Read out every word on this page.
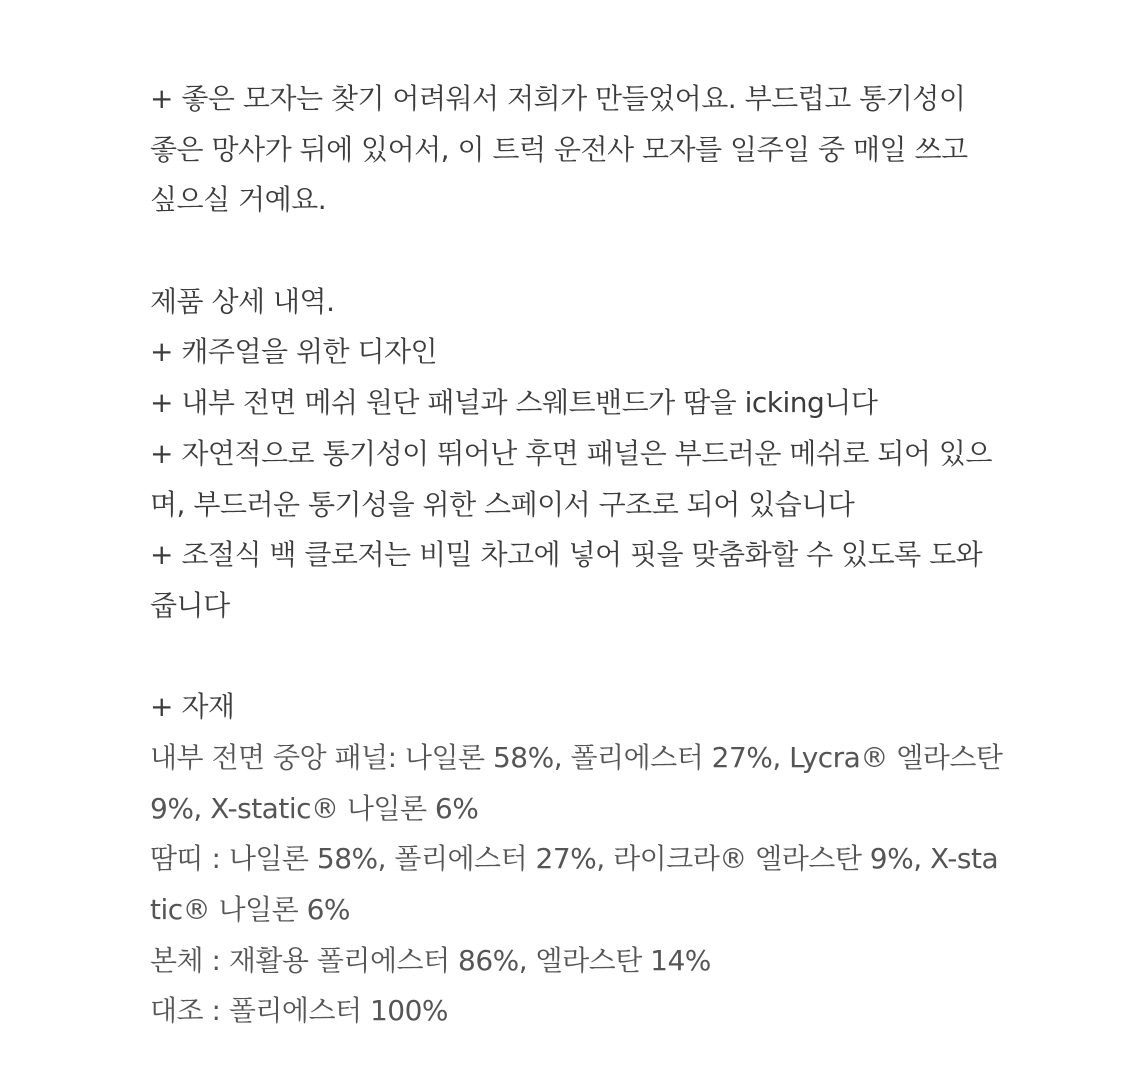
+ 좋은 모자는 찾기 어려워서 저희가 만들었어요. 부드럽고 통기성이
좋은 망사가 뒤에 있어서, 이 트럭 운전사 모자를 일주일 중 매일 쓰고
싶으실 거예요.
제품 상세 내역.
+ 캐주얼을 위한 디자인
+ 내부 전면 메쉬 원단 패널과 스웨트밴드가 땀을 icking니다
+ 자연적으로 통기성이 뛰어난 후면 패널은 부드러운 메쉬로 되어 있으
며, 부드러운 통기성을 위한 스페이서 구조로 되어 있습니다
+ 조절식 백 클로저는 비밀 차고에 넣어 핏을 맞춤화할 수 있도록 도와
줍니다
+ 자재
내부 전면 중앙 패널: 나일론 58%, 폴리에스터 27%, Lycra® 엘라스탄
9%, X-static® 나일론 6%
땀띠 : 나일론 58%, 폴리에스터 27%, 라이크라® 엘라스탄 9%, X-sta
tic® 나일론 6%
본체 : 재활용 폴리에스터 86%, 엘라스탄 14%
대조 : 폴리에스터 100%
